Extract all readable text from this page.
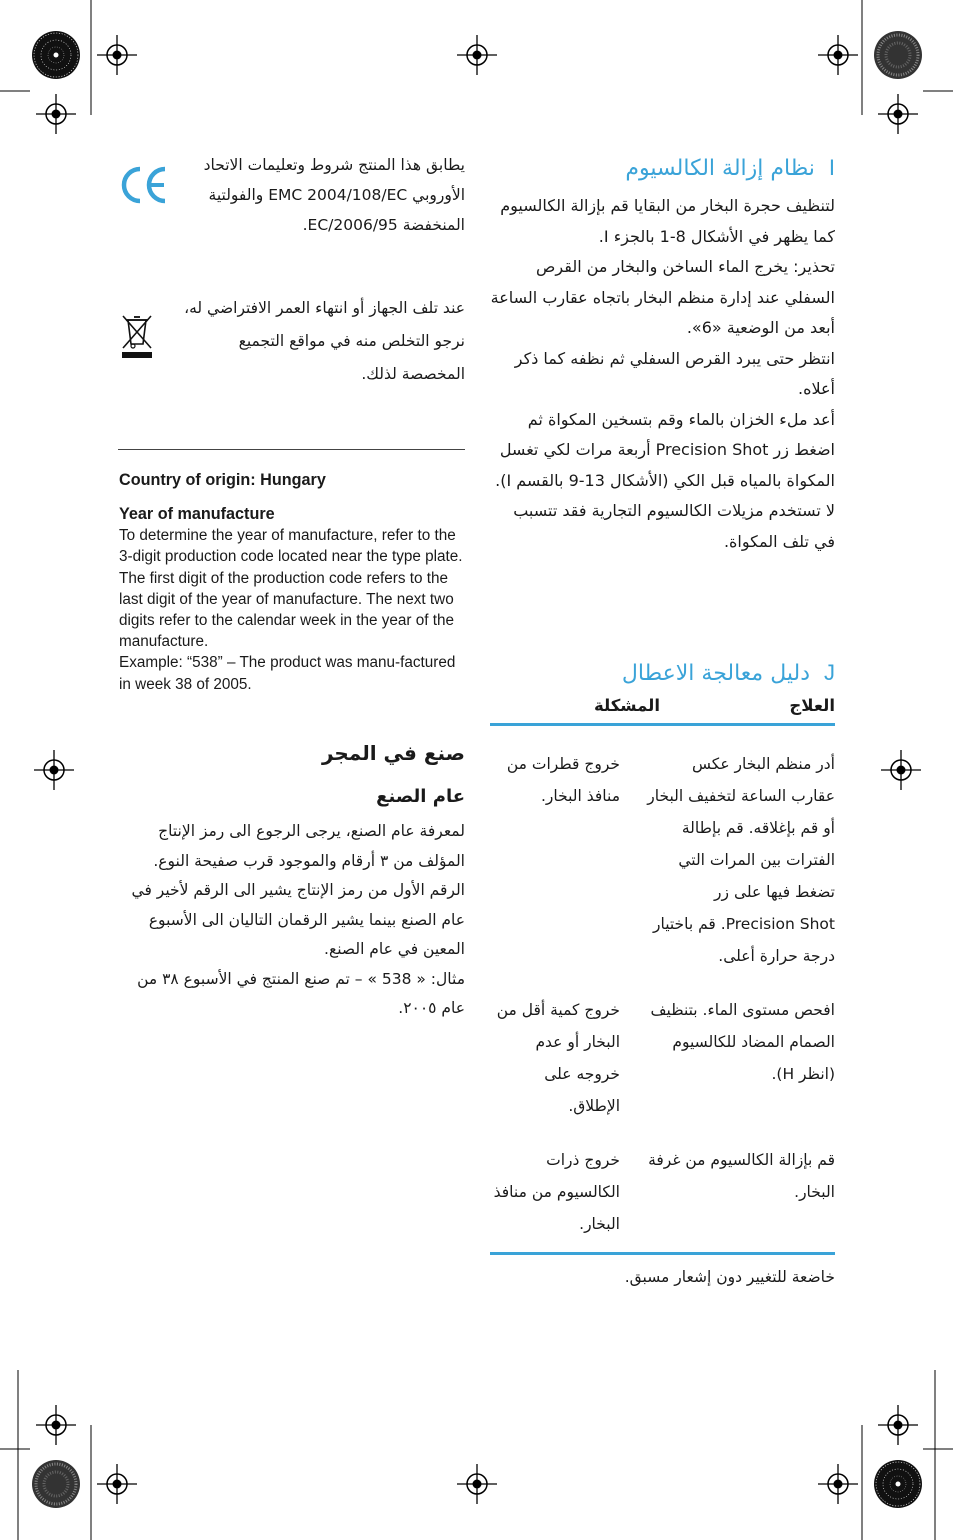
Iنظام إزالة الكالسيوم

لتنظيف حجرة البخار من البقايا قم بإزالة الكالسيوم كما يظهر في الأشكال 8-1 بالجزء I.

تحذير: يخرج الماء الساخن والبخار من القرص السفلي عند إدارة منظم البخار باتجاه عقارب الساعة أبعد من الوضعية «6».

انتظر حتى يبرد القرص السفلي ثم نظفه كما ذكر أعلاه.

أعد ملء الخزان بالماء وقم بتسخين المكواة ثم اضغط زر Precision Shot أربعة مرات لكي تغسل المكواة بالمياه قبل الكي (الأشكال 13-9 بالقسم I).

لا تستخدم مزيلات الكالسيوم التجارية فقد تتسبب في تلف المكواة.

Jدليل معالجة الاعطال
المشكلة	العلاج
خروج قطرات من منافذ البخار.
أدر منظم البخار عكس عقارب الساعة لتخفيف البخار أو قم بإغلاقه. قم بإطالة الفترات بين المرات التي تضغط فيها على زر Precision Shot. قم باختيار درجة حرارة أعلى.
خروج كمية أقل من البخار أو عدم خروجه على الإطلاق.
افحص مستوى الماء. بتنظيف الصمام المضاد للكالسيوم (انظر H).
خروج ذرات الكالسيوم من منافذ البخار.
قم بإزالة الكالسيوم من غرفة البخار.
خاضعة للتغيير دون إشعار مسبق.
يطابق هذا المنتج شروط وتعليمات الاتحاد الأوروبي EMC 2004/108/EC والفولتية المنخفضة 2006/95/EC.
عند تلف الجهاز أو انتهاء العمر الافتراضي له، نرجو التخلص منه في مواقع التجميع المخصصة لذلك.
Country of origin: Hungary
Year of manufacture
To determine the year of manufacture, refer to the 3-digit production code located near the type plate. The first digit of the production code refers to the last digit of the year of manufacture. The next two digits refer to the calendar week in the year of the manufacture.
Example: “538” – The product was manu-factured in week 38 of 2005.
صنع في المجر
عام الصنع
لمعرفة عام الصنع، يرجى الرجوع الى رمز الإنتاج المؤلف من ٣ أرقام والموجود قرب صفيحة النوع. الرقم الأول من رمز الإنتاج يشير الى الرقم لأخير في عام الصنع بينما يشير الرقمان التاليان الى الأسبوع المعين في عام الصنع.
مثال: « 538 » – تم صنع المنتج في الأسبوع ٣٨ من عام ٢٠٠٥.
